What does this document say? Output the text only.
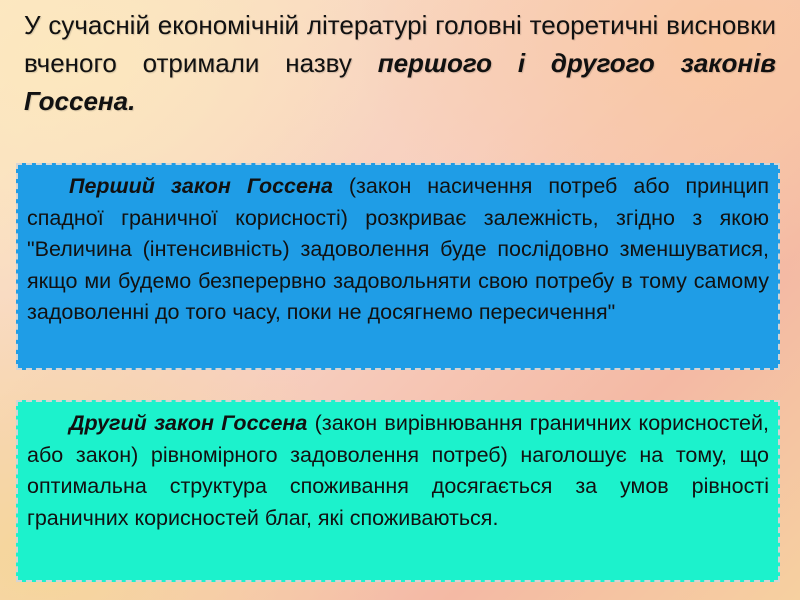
У сучасній економічній літературі головні теоретичні висновки вченого отримали назву першого і другого законів Госсена.
Перший закон Госсена (закон насичення потреб або принцип спадної граничної корисності) розкриває залежність, згідно з якою "Величина (інтенсивність) задоволення буде послідовно зменшуватися, якщо ми будемо безперервно задовольняти свою потребу в тому самому задоволенні до того часу, поки не досягнемо пересичення"
Другий закон Госсена (закон вирівнювання граничних корисностей, або закон) рівномірного задоволення потреб) наголошує на тому, що оптимальна структура споживання досягається за умов рівності граничних корисностей благ, які споживаються.
